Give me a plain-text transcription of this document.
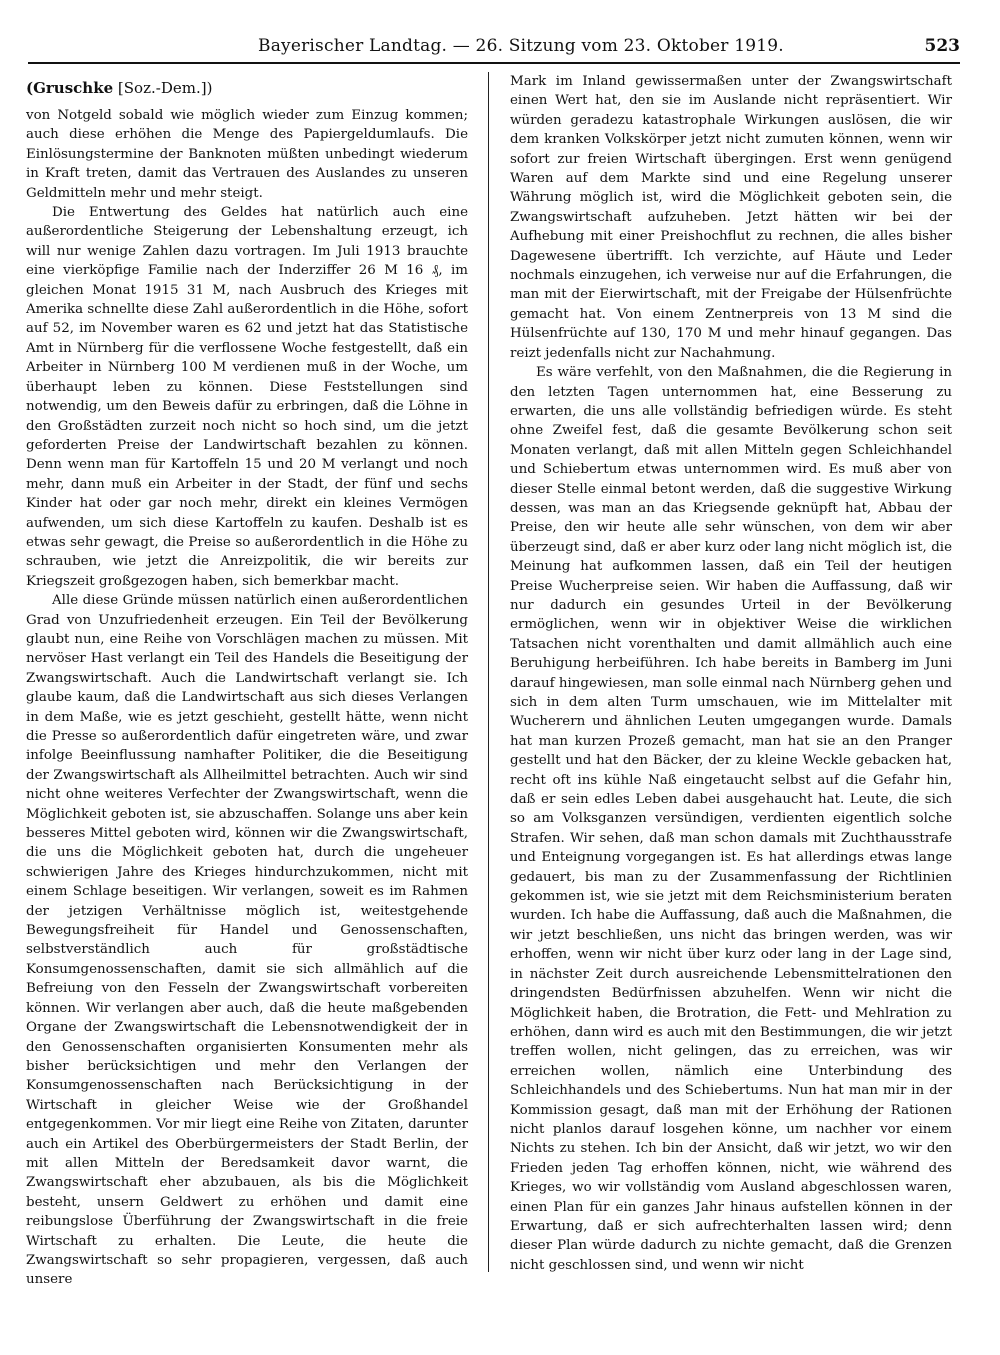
Bayerischer Landtag. — 26. Sitzung vom 23. Oktober 1919.	523

(Gruschke [Soz.-Dem.])

von Notgeld sobald wie möglich wieder zum Einzug kommen; auch diese erhöhen die Menge des Papiergeldumlaufs. Die Einlösungstermine der Banknoten müßten unbedingt wiederum in Kraft treten, damit das Vertrauen des Auslandes zu unseren Geldmitteln mehr und mehr steigt.

Die Entwertung des Geldes hat natürlich auch eine außerordentliche Steigerung der Lebenshaltung erzeugt, ich will nur wenige Zahlen dazu vortragen. Im Juli 1913 brauchte eine vierköpfige Familie nach der Inderziffer 26 M 16 ₰, im gleichen Monat 1915 31 M, nach Ausbruch des Krieges mit Amerika schnellte diese Zahl außerordentlich in die Höhe, sofort auf 52, im November waren es 62 und jetzt hat das Statistische Amt in Nürnberg für die verflossene Woche festgestellt, daß ein Arbeiter in Nürnberg 100 M verdienen muß in der Woche, um überhaupt leben zu können. Diese Feststellungen sind notwendig, um den Beweis dafür zu erbringen, daß die Löhne in den Großstädten zurzeit noch nicht so hoch sind, um die jetzt geforderten Preise der Landwirtschaft bezahlen zu können. Denn wenn man für Kartoffeln 15 und 20 M verlangt und noch mehr, dann muß ein Arbeiter in der Stadt, der fünf und sechs Kinder hat oder gar noch mehr, direkt ein kleines Vermögen aufwenden, um sich diese Kartoffeln zu kaufen. Deshalb ist es etwas sehr gewagt, die Preise so außerordentlich in die Höhe zu schrauben, wie jetzt die Anreizpolitik, die wir bereits zur Kriegszeit großgezogen haben, sich bemerkbar macht.

Alle diese Gründe müssen natürlich einen außerordentlichen Grad von Unzufriedenheit erzeugen. Ein Teil der Bevölkerung glaubt nun, eine Reihe von Vorschlägen machen zu müssen. Mit nervöser Hast verlangt ein Teil des Handels die Beseitigung der Zwangswirtschaft. Auch die Landwirtschaft verlangt sie. Ich glaube kaum, daß die Landwirtschaft aus sich dieses Verlangen in dem Maße, wie es jetzt geschieht, gestellt hätte, wenn nicht die Presse so außerordentlich dafür eingetreten wäre, und zwar infolge Beeinflussung namhafter Politiker, die die Beseitigung der Zwangswirtschaft als Allheilmittel betrachten. Auch wir sind nicht ohne weiteres Verfechter der Zwangswirtschaft, wenn die Möglichkeit geboten ist, sie abzuschaffen. Solange uns aber kein besseres Mittel geboten wird, können wir die Zwangswirtschaft, die uns die Möglichkeit geboten hat, durch die ungeheuer schwierigen Jahre des Krieges hindurchzukommen, nicht mit einem Schlage beseitigen. Wir verlangen, soweit es im Rahmen der jetzigen Verhältnisse möglich ist, weitestgehende Bewegungsfreiheit für Handel und Genossenschaften, selbstverständlich auch für großstädtische Konsumgenossenschaften, damit sie sich allmählich auf die Befreiung von den Fesseln der Zwangswirtschaft vorbereiten können. Wir verlangen aber auch, daß die heute maßgebenden Organe der Zwangswirtschaft die Lebensnotwendigkeit der in den Genossenschaften organisierten Konsumenten mehr als bisher berücksichtigen und mehr den Verlangen der Konsumgenossenschaften nach Berücksichtigung in der Wirtschaft in gleicher Weise wie der Großhandel entgegenkommen. Vor mir liegt eine Reihe von Zitaten, darunter auch ein Artikel des Oberbürgermeisters der Stadt Berlin, der mit allen Mitteln der Beredsamkeit davor warnt, die Zwangswirtschaft eher abzubauen, als bis die Möglichkeit besteht, unsern Geldwert zu erhöhen und damit eine reibungslose Überführung der Zwangswirtschaft in die freie Wirtschaft zu erhalten. Die Leute, die heute die Zwangswirtschaft so sehr propagieren, vergessen, daß auch unsere

Mark im Inland gewissermaßen unter der Zwangswirtschaft einen Wert hat, den sie im Auslande nicht repräsentiert. Wir würden geradezu katastrophale Wirkungen auslösen, die wir dem kranken Volkskörper jetzt nicht zumuten können, wenn wir sofort zur freien Wirtschaft übergingen. Erst wenn genügend Waren auf dem Markte sind und eine Regelung unserer Währung möglich ist, wird die Möglichkeit geboten sein, die Zwangswirtschaft aufzuheben. Jetzt hätten wir bei der Aufhebung mit einer Preishochflut zu rechnen, die alles bisher Dagewesene übertrifft. Ich verzichte, auf Häute und Leder nochmals einzugehen, ich verweise nur auf die Erfahrungen, die man mit der Eierwirtschaft, mit der Freigabe der Hülsenfrüchte gemacht hat. Von einem Zentnerpreis von 13 M sind die Hülsenfrüchte auf 130, 170 M und mehr hinauf gegangen. Das reizt jedenfalls nicht zur Nachahmung.

Es wäre verfehlt, von den Maßnahmen, die die Regierung in den letzten Tagen unternommen hat, eine Besserung zu erwarten, die uns alle vollständig befriedigen würde. Es steht ohne Zweifel fest, daß die gesamte Bevölkerung schon seit Monaten verlangt, daß mit allen Mitteln gegen Schleichhandel und Schiebertum etwas unternommen wird. Es muß aber von dieser Stelle einmal betont werden, daß die suggestive Wirkung dessen, was man an das Kriegsende geknüpft hat, Abbau der Preise, den wir heute alle sehr wünschen, von dem wir aber überzeugt sind, daß er aber kurz oder lang nicht möglich ist, die Meinung hat aufkommen lassen, daß ein Teil der heutigen Preise Wucherpreise seien. Wir haben die Auffassung, daß wir nur dadurch ein gesundes Urteil in der Bevölkerung ermöglichen, wenn wir in objektiver Weise die wirklichen Tatsachen nicht vorenthalten und damit allmählich auch eine Beruhigung herbeiführen. Ich habe bereits in Bamberg im Juni darauf hingewiesen, man solle einmal nach Nürnberg gehen und sich in dem alten Turm umschauen, wie im Mittelalter mit Wucherern und ähnlichen Leuten umgegangen wurde. Damals hat man kurzen Prozeß gemacht, man hat sie an den Pranger gestellt und hat den Bäcker, der zu kleine Weckle gebacken hat, recht oft ins kühle Naß eingetaucht selbst auf die Gefahr hin, daß er sein edles Leben dabei ausgehaucht hat. Leute, die sich so am Volksganzen versündigen, verdienten eigentlich solche Strafen. Wir sehen, daß man schon damals mit Zuchthausstrafe und Enteignung vorgegangen ist. Es hat allerdings etwas lange gedauert, bis man zu der Zusammenfassung der Richtlinien gekommen ist, wie sie jetzt mit dem Reichsministerium beraten wurden. Ich habe die Auffassung, daß auch die Maßnahmen, die wir jetzt beschließen, uns nicht das bringen werden, was wir erhoffen, wenn wir nicht über kurz oder lang in der Lage sind, in nächster Zeit durch ausreichende Lebensmittelrationen den dringendsten Bedürfnissen abzuhelfen. Wenn wir nicht die Möglichkeit haben, die Brotration, die Fett- und Mehlration zu erhöhen, dann wird es auch mit den Bestimmungen, die wir jetzt treffen wollen, nicht gelingen, das zu erreichen, was wir erreichen wollen, nämlich eine Unterbindung des Schleichhandels und des Schiebertums. Nun hat man mir in der Kommission gesagt, daß man mit der Erhöhung der Rationen nicht planlos darauf losgehen könne, um nachher vor einem Nichts zu stehen. Ich bin der Ansicht, daß wir jetzt, wo wir den Frieden jeden Tag erhoffen können, nicht, wie während des Krieges, wo wir vollständig vom Ausland abgeschlossen waren, einen Plan für ein ganzes Jahr hinaus aufstellen können in der Erwartung, daß er sich aufrechterhalten lassen wird; denn dieser Plan würde dadurch zu nichte gemacht, daß die Grenzen nicht geschlossen sind, und wenn wir nicht
